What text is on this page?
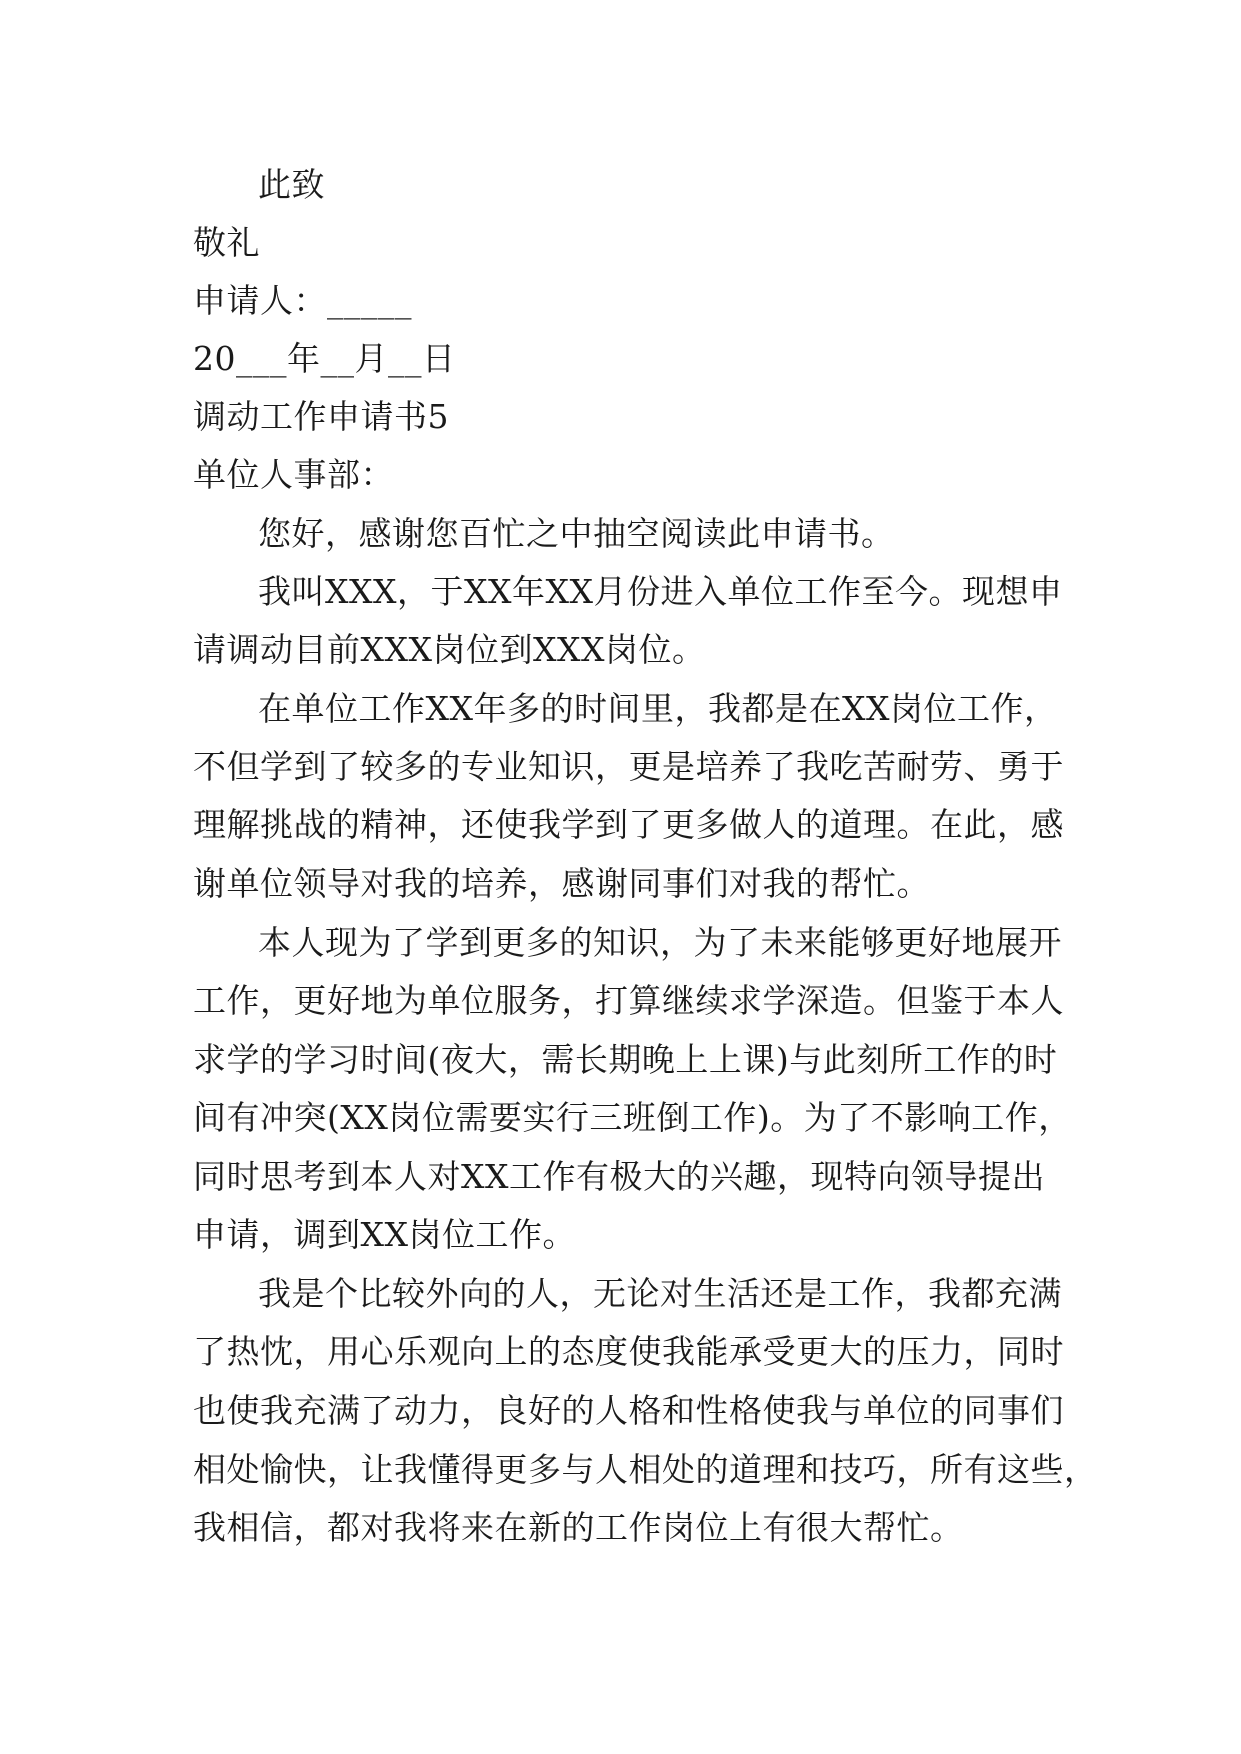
此致
敬礼
申请人：_____
20___年__月__日
调动工作申请书5
单位人事部：
您好，感谢您百忙之中抽空阅读此申请书。
我叫XXX，于XX年XX月份进入单位工作至今。现想申
请调动目前XXX岗位到XXX岗位。
在单位工作XX年多的时间里，我都是在XX岗位工作，
不但学到了较多的专业知识，更是培养了我吃苦耐劳、勇于
理解挑战的精神，还使我学到了更多做人的道理。在此，感
谢单位领导对我的培养，感谢同事们对我的帮忙。
本人现为了学到更多的知识，为了未来能够更好地展开
工作，更好地为单位服务，打算继续求学深造。但鉴于本人
求学的学习时间(夜大，需长期晚上上课)与此刻所工作的时
间有冲突(XX岗位需要实行三班倒工作)。为了不影响工作，
同时思考到本人对XX工作有极大的兴趣，现特向领导提出
申请，调到XX岗位工作。
我是个比较外向的人，无论对生活还是工作，我都充满
了热忱，用心乐观向上的态度使我能承受更大的压力，同时
也使我充满了动力，良好的人格和性格使我与单位的同事们
相处愉快，让我懂得更多与人相处的道理和技巧，所有这些，
我相信，都对我将来在新的工作岗位上有很大帮忙。
